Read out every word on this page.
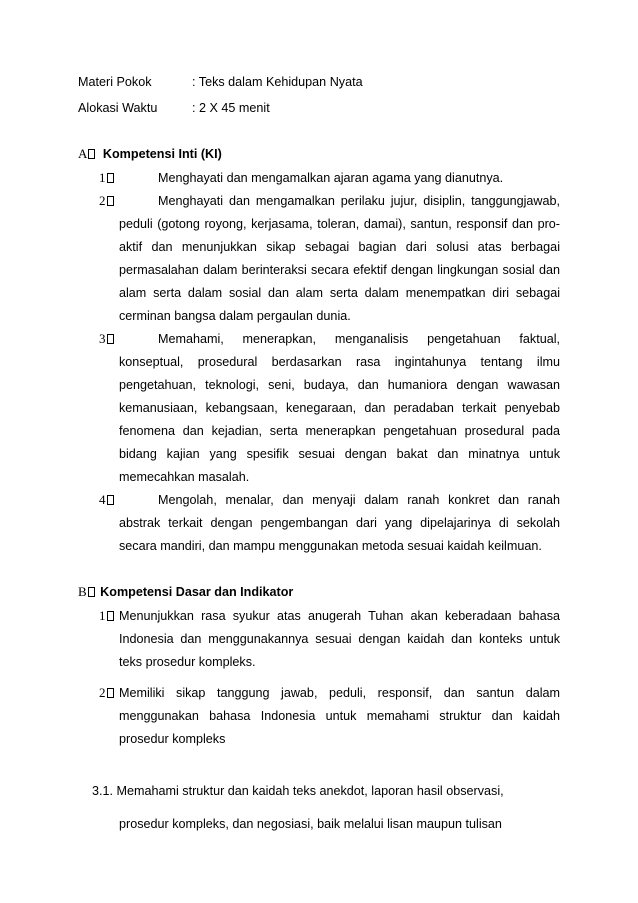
Materi Pokok	: Teks dalam Kehidupan Nyata
Alokasi Waktu	: 2 X 45 menit
A Kompetensi Inti (KI)
1	Menghayati dan mengamalkan ajaran agama yang dianutnya.
2	Menghayati dan mengamalkan perilaku jujur, disiplin, tanggungjawab,
peduli (gotong royong, kerjasama, toleran, damai), santun, responsif dan pro-
aktif dan menunjukkan sikap sebagai bagian dari solusi atas berbagai
permasalahan dalam berinteraksi secara efektif dengan lingkungan sosial dan
alam serta dalam sosial dan alam serta dalam menempatkan diri sebagai
cerminan bangsa dalam pergaulan dunia.
3	Memahami, menerapkan, menganalisis pengetahuan faktual,
konseptual, prosedural berdasarkan rasa ingintahunya tentang ilmu
pengetahuan, teknologi, seni, budaya, dan humaniora dengan wawasan
kemanusiaan, kebangsaan, kenegaraan, dan peradaban terkait penyebab
fenomena dan kejadian, serta menerapkan pengetahuan prosedural pada
bidang kajian yang spesifik sesuai dengan bakat dan minatnya untuk
memecahkan masalah.
4	Mengolah, menalar, dan menyaji dalam ranah konkret dan ranah
abstrak terkait dengan pengembangan dari yang dipelajarinya di sekolah
secara mandiri, dan mampu menggunakan metoda sesuai kaidah keilmuan.
B Kompetensi Dasar dan Indikator
1	Menunjukkan rasa syukur atas anugerah Tuhan akan keberadaan bahasa
Indonesia dan menggunakannya sesuai dengan kaidah dan konteks untuk
teks prosedur kompleks.
2	Memiliki sikap tanggung jawab, peduli, responsif, dan santun dalam
menggunakan bahasa Indonesia untuk memahami struktur dan kaidah
prosedur kompleks
3.1. Memahami struktur dan kaidah teks anekdot, laporan hasil observasi,
prosedur kompleks, dan negosiasi, baik melalui lisan maupun tulisan
